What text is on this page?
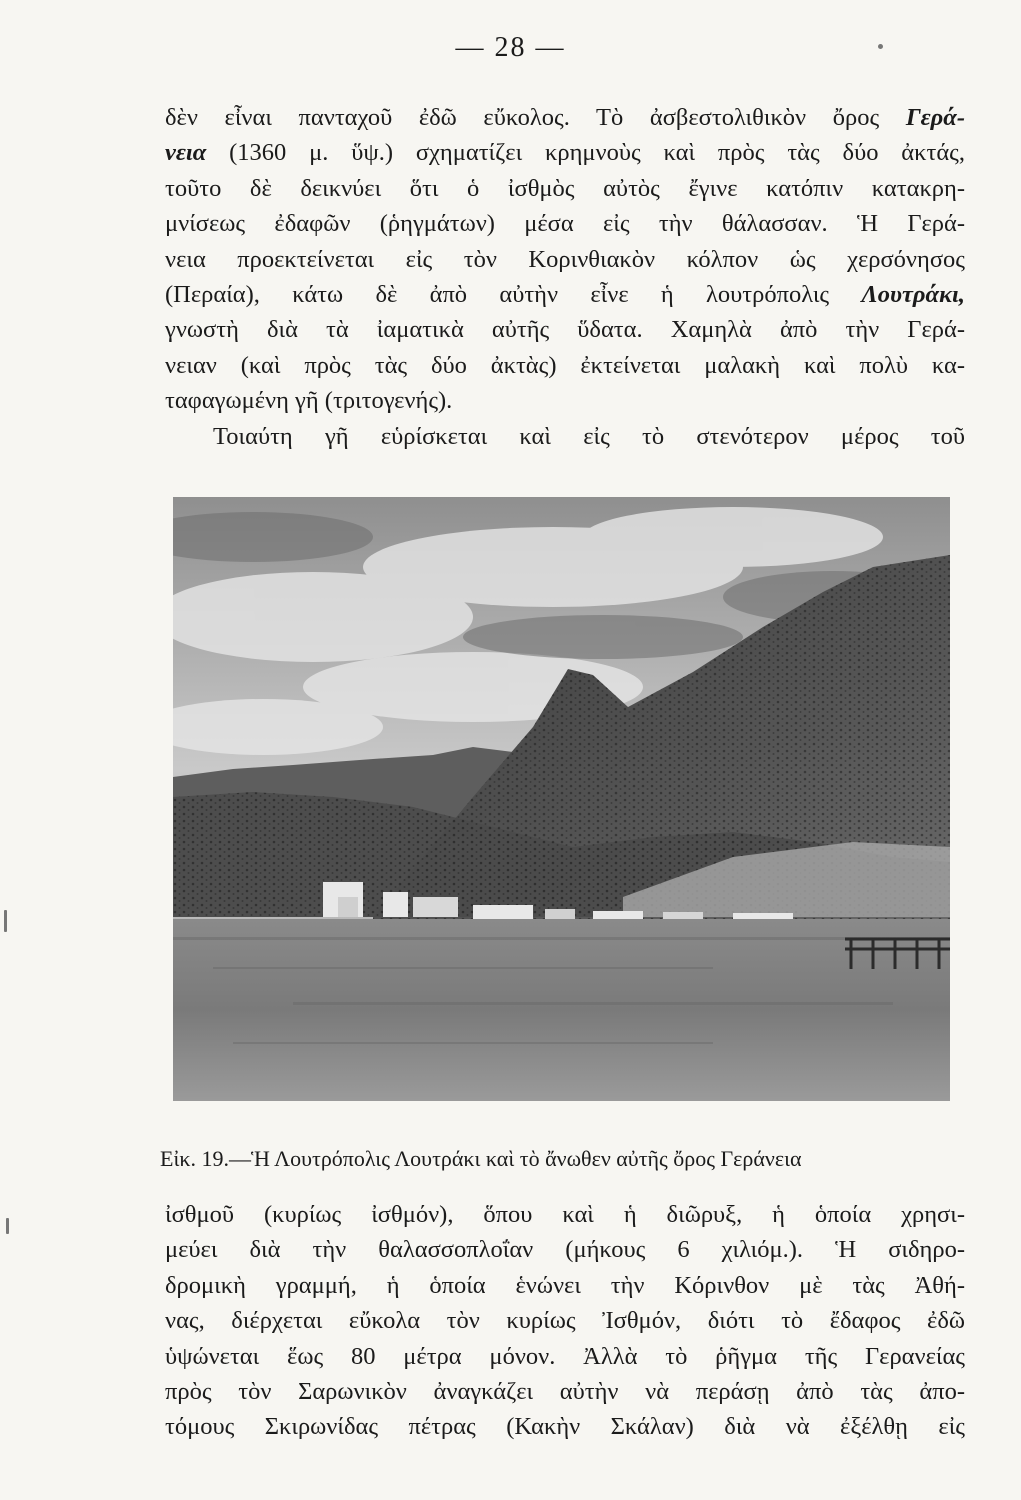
— 28 —
δὲν εἶναι πανταχοῦ ἐδῶ εὔκολος. Τὸ ἀσβεστολιθικὸν ὄρος Γερά-
νεια (1360 μ. ὕψ.) σχηματίζει κρημνοὺς καὶ πρὸς τὰς δύο ἀκτάς,
τοῦτο δὲ δεικνύει ὅτι ὁ ἰσθμὸς αὐτὸς ἔγινε κατόπιν κατακρη-
μνίσεως ἐδαφῶν (ῥηγμάτων) μέσα εἰς τὴν θάλασσαν. Ἡ Γερά-
νεια προεκτείνεται εἰς τὸν Κορινθιακὸν κόλπον ὡς χερσόνησος
(Περαία), κάτω δὲ ἀπὸ αὐτὴν εἶνε ἡ λουτρόπολις Λουτράκι,
γνωστὴ διὰ τὰ ἰαματικὰ αὐτῆς ὕδατα. Χαμηλὰ ἀπὸ τὴν Γερά-
νειαν (καὶ πρὸς τὰς δύο ἀκτὰς) ἐκτείνεται μαλακὴ καὶ πολὺ κα-
ταφαγωμένη γῆ (τριτογενής).
Τοιαύτη γῆ εὑρίσκεται καὶ εἰς τὸ στενότερον μέρος τοῦ
Εἰκ. 19.—Ἡ Λουτρόπολις Λουτράκι καὶ τὸ ἄνωθεν αὐτῆς ὄρος Γεράνεια
ἰσθμοῦ (κυρίως ἰσθμόν), ὅπου καὶ ἡ διῶρυξ, ἡ ὁποία χρησι-
μεύει διὰ τὴν θαλασσοπλοΐαν (μήκους 6 χιλιόμ.). Ἡ σιδηρο-
δρομικὴ γραμμή, ἡ ὁποία ἑνώνει τὴν Κόρινθον μὲ τὰς Ἀθή-
νας, διέρχεται εὔκολα τὸν κυρίως Ἰσθμόν, διότι τὸ ἔδαφος ἐδῶ
ὑψώνεται ἕως 80 μέτρα μόνον. Ἀλλὰ τὸ ῥῆγμα τῆς Γερανείας
πρὸς τὸν Σαρωνικὸν ἀναγκάζει αὐτὴν νὰ περάσῃ ἀπὸ τὰς ἀπο-
τόμους Σκιρωνίδας πέτρας (Κακὴν Σκάλαν) διὰ νὰ ἐξέλθῃ εἰς
